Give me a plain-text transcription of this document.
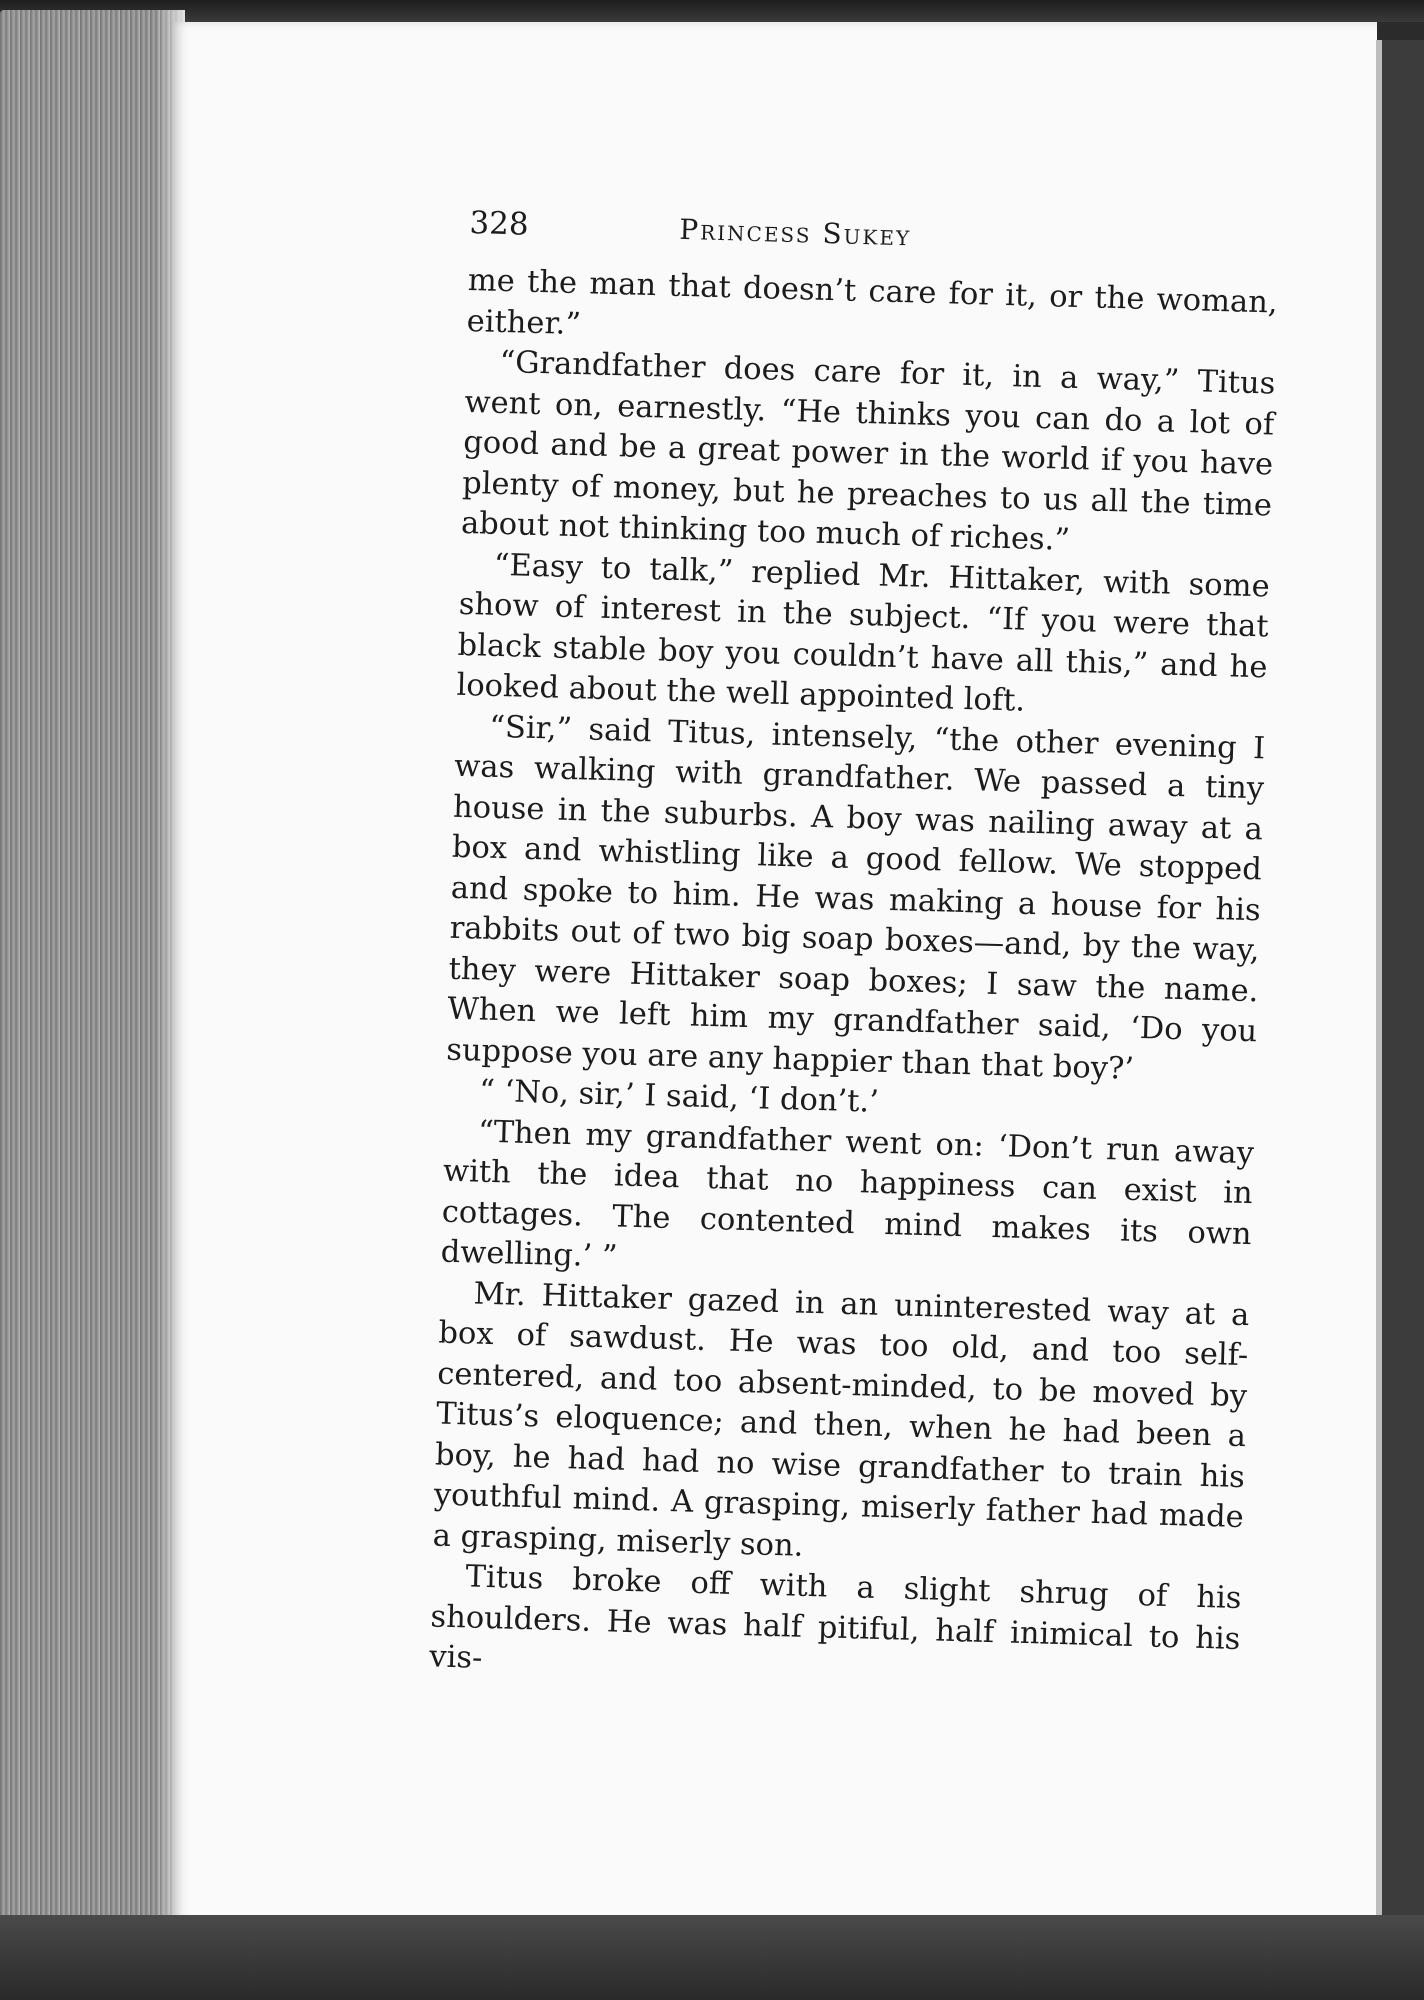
328	Princess Sukey

me the man that doesn’t care for it, or the woman, either.”

“Grandfather does care for it, in a way,” Titus went on, earnestly. “He thinks you can do a lot of good and be a great power in the world if you have plenty of money, but he preaches to us all the time about not thinking too much of riches.”

“Easy to talk,” replied Mr. Hittaker, with some show of interest in the subject. “If you were that black stable boy you couldn’t have all this,” and he looked about the well appointed loft.

“Sir,” said Titus, intensely, “the other evening I was walking with grandfather. We passed a tiny house in the suburbs. A boy was nailing away at a box and whistling like a good fellow. We stopped and spoke to him. He was making a house for his rabbits out of two big soap boxes—and, by the way, they were Hittaker soap boxes; I saw the name. When we left him my grandfather said, ‘Do you suppose you are any happier than that boy?’

“ ‘No, sir,’ I said, ‘I don’t.’

“Then my grandfather went on: ‘Don’t run away with the idea that no happiness can exist in cottages. The contented mind makes its own dwelling.’ ”

Mr. Hittaker gazed in an uninterested way at a box of sawdust. He was too old, and too self-centered, and too absent-minded, to be moved by Titus’s eloquence; and then, when he had been a boy, he had had no wise grandfather to train his youthful mind. A grasping, miserly father had made a grasping, miserly son.

Titus broke off with a slight shrug of his shoulders. He was half pitiful, half inimical to his vis-
